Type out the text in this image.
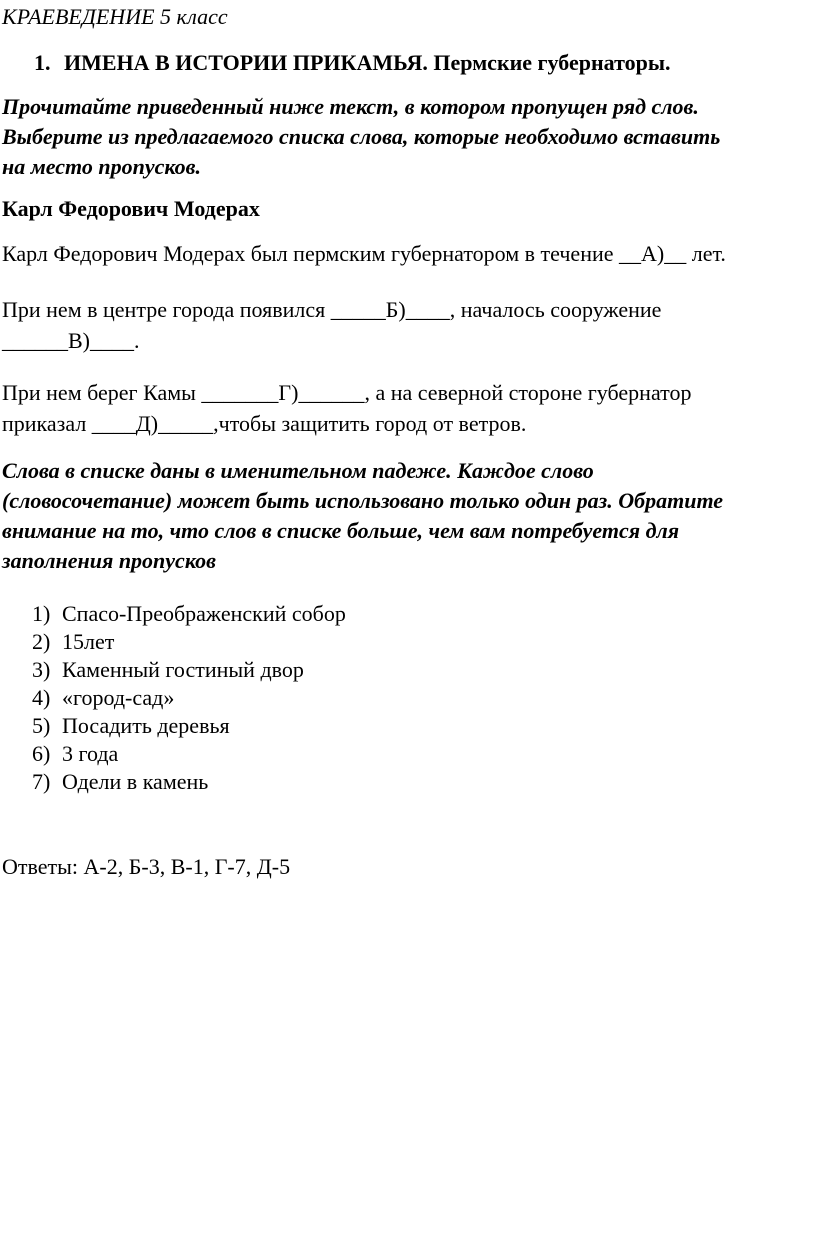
КРАЕВЕДЕНИЕ 5 класс
1. ИМЕНА В ИСТОРИИ ПРИКАМЬЯ. Пермские губернаторы.
Прочитайте приведенный ниже текст, в котором пропущен ряд слов.
Выберите из предлагаемого списка слова, которые необходимо вставить
на место пропусков.
Карл Федорович Модерах
Карл Федорович Модерах был пермским губернатором в течение __А)__ лет.
При нем в центре города появился _____Б)____, началось сооружение
______В)____.
При нем берег Камы _______Г)______, а на северной стороне губернатор
приказал ____Д)_____,чтобы защитить город от ветров.
Слова в списке даны в именительном падеже. Каждое слово
(словосочетание) может быть использовано только один раз. Обратите
внимание на то, что слов в списке больше, чем вам потребуется для
заполнения пропусков
1) Спасо-Преображенский собор
2) 15лет
3) Каменный гостиный двор
4) «город-сад»
5) Посадить деревья
6) 3 года
7) Одели в камень
Ответы: А-2, Б-3, В-1, Г-7, Д-5
